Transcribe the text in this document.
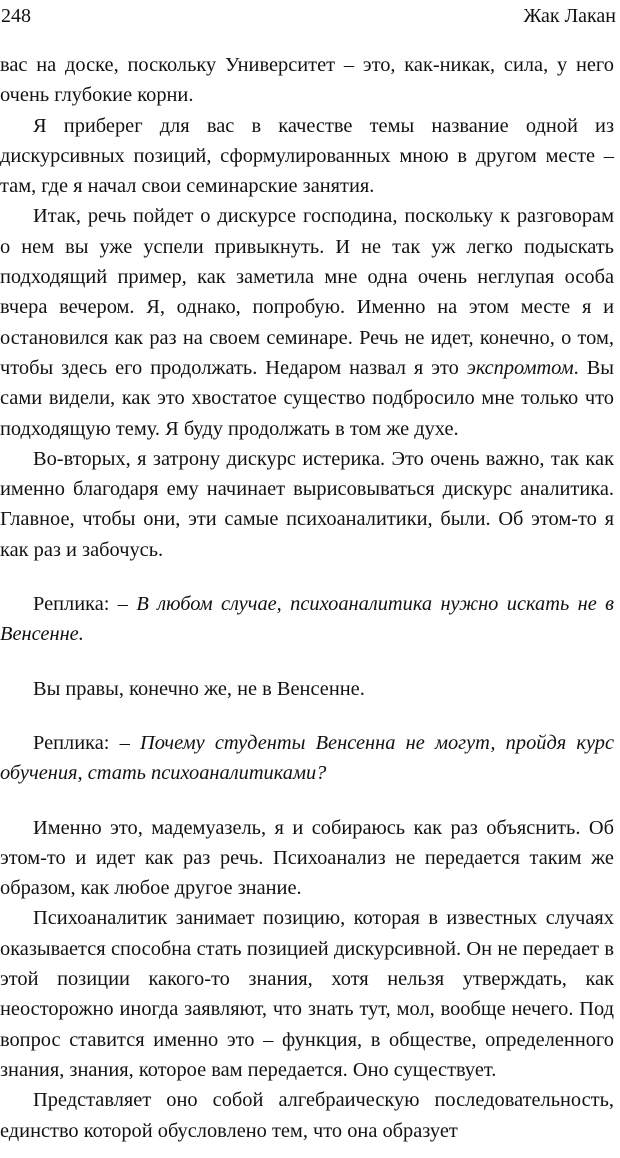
248	Жак Лакан

вас на доске, поскольку Университет – это, как-никак, сила, у него очень глубокие корни.

Я приберег для вас в качестве темы название одной из дискурсивных позиций, сформулированных мною в другом месте – там, где я начал свои семинарские занятия.

Итак, речь пойдет о дискурсе господина, поскольку к разговорам о нем вы уже успели привыкнуть. И не так уж легко подыскать подходящий пример, как заметила мне одна очень неглупая особа вчера вечером. Я, однако, попробую. Именно на этом месте я и остановился как раз на своем семинаре. Речь не идет, конечно, о том, чтобы здесь его продолжать. Недаром назвал я это экспромтом. Вы сами видели, как это хвостатое существо подбросило мне только что подходящую тему. Я буду продолжать в том же духе.

Во-вторых, я затрону дискурс истерика. Это очень важно, так как именно благодаря ему начинает вырисовываться дискурс аналитика. Главное, чтобы они, эти самые психоаналитики, были. Об этом-то я как раз и забочусь.

Реплика: – В любом случае, психоаналитика нужно искать не в Венсенне.

Вы правы, конечно же, не в Венсенне.

Реплика: – Почему студенты Венсенна не могут, пройдя курс обучения, стать психоаналитиками?

Именно это, мадемуазель, я и собираюсь как раз объяснить. Об этом-то и идет как раз речь. Психоанализ не передается таким же образом, как любое другое знание.

Психоаналитик занимает позицию, которая в известных случаях оказывается способна стать позицией дискурсивной. Он не передает в этой позиции какого-то знания, хотя нельзя утверждать, как неосторожно иногда заявляют, что знать тут, мол, вообще нечего. Под вопрос ставится именно это – функция, в обществе, определенного знания, знания, которое вам передается. Оно существует.

Представляет оно собой алгебраическую последовательность, единство которой обусловлено тем, что она образует
